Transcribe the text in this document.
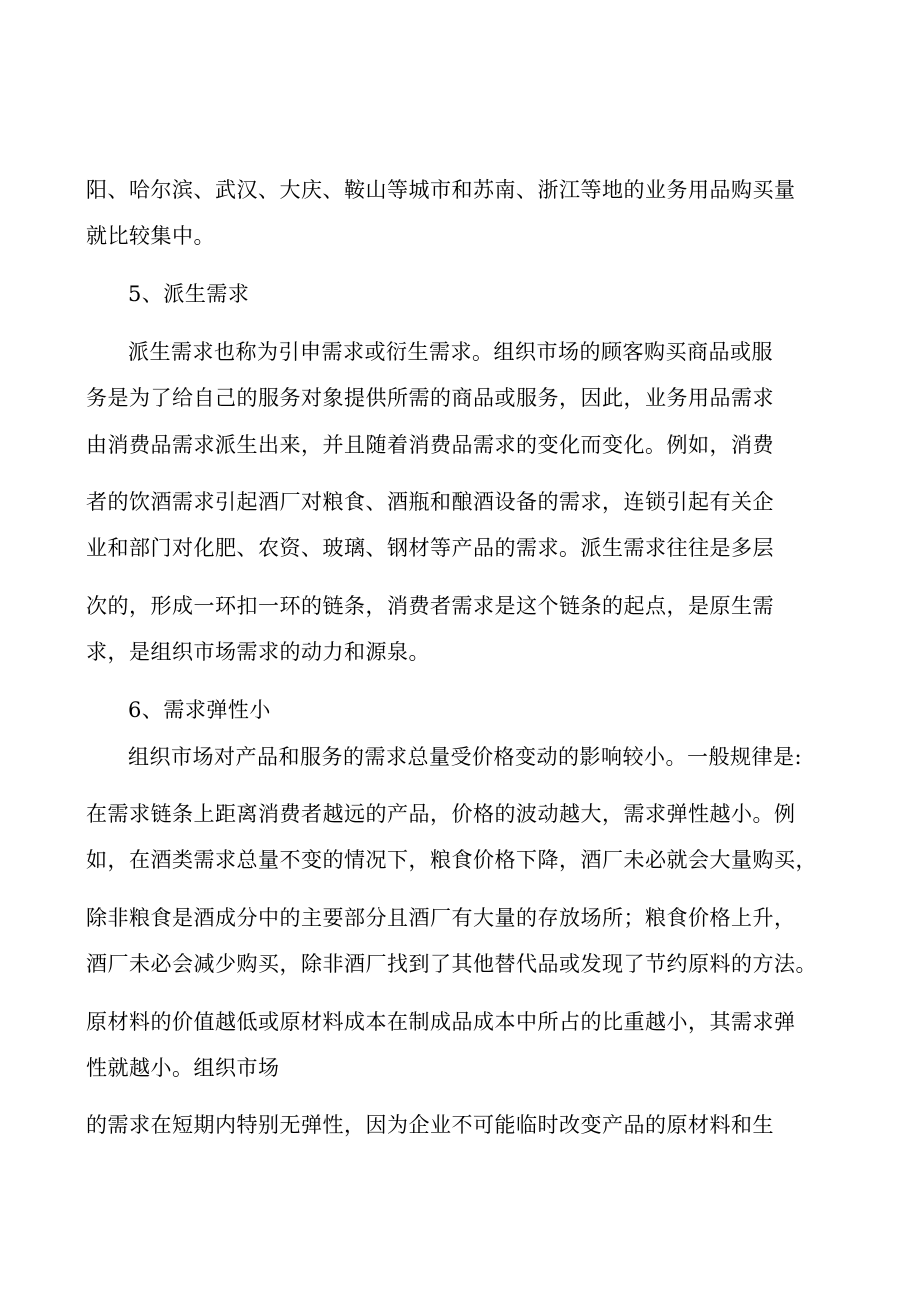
阳、哈尔滨、武汉、大庆、鞍山等城市和苏南、浙江等地的业务用品购买量
就比较集中。
5、派生需求
派生需求也称为引申需求或衍生需求。组织市场的顾客购买商品或服
务是为了给自己的服务对象提供所需的商品或服务，因此，业务用品需求
由消费品需求派生出来，并且随着消费品需求的变化而变化。例如，消费
者的饮酒需求引起酒厂对粮食、酒瓶和酿酒设备的需求，连锁引起有关企
业和部门对化肥、农资、玻璃、钢材等产品的需求。派生需求往往是多层
次的，形成一环扣一环的链条，消费者需求是这个链条的起点，是原生需
求，是组织市场需求的动力和源泉。
6、需求弹性小
组织市场对产品和服务的需求总量受价格变动的影响较小。一般规律是:
在需求链条上距离消费者越远的产品，价格的波动越大，需求弹性越小。例
如，在酒类需求总量不变的情况下，粮食价格下降，酒厂未必就会大量购买，
除非粮食是酒成分中的主要部分且酒厂有大量的存放场所；粮食价格上升，
酒厂未必会减少购买，除非酒厂找到了其他替代品或发现了节约原料的方法。
原材料的价值越低或原材料成本在制成品成本中所占的比重越小，其需求弹
性就越小。组织市场
的需求在短期内特别无弹性，因为企业不可能临时改变产品的原材料和生
